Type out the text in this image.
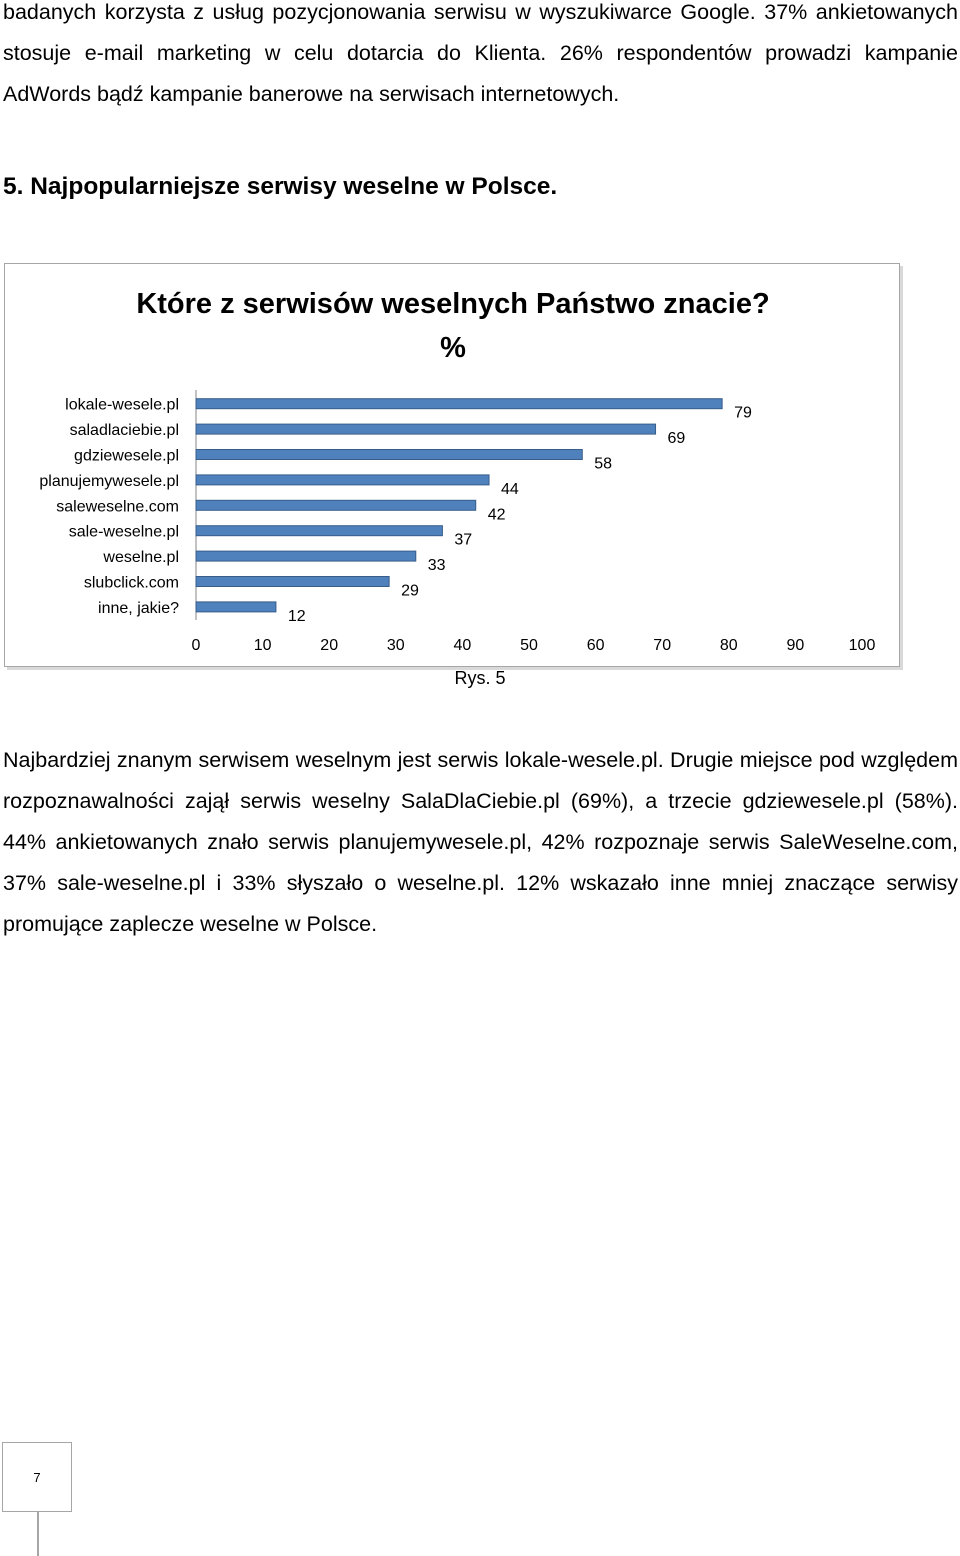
badanych korzysta z usług pozycjonowania serwisu w wyszukiwarce Google. 37% ankietowanych stosuje e-mail marketing w celu dotarcia do Klienta. 26% respondentów prowadzi kampanie AdWords bądź kampanie banerowe na serwisach internetowych.

5. Najpopularniejsze serwisy weselne w Polsce.
Które z serwisów weselnych Państwo znacie?
%
lokale-wesele.pl	79
saladlaciebie.pl	69
gdziewesele.pl	58
planujemywesele.pl	44
saleweselne.com	42
sale-weselne.pl	37
weselne.pl	33
slubclick.com	29
inne, jakie?	12
0	10	20	30	40	50	60	70	80	90	100
Rys. 5

Najbardziej znanym serwisem weselnym jest serwis lokale-wesele.pl. Drugie miejsce pod względem rozpoznawalności zajął serwis weselny SalaDlaCiebie.pl (69%), a trzecie gdziewesele.pl (58%). 44% ankietowanych znało serwis planujemywesele.pl, 42% rozpoznaje serwis SaleWeselne.com, 37% sale-weselne.pl i 33% słyszało o weselne.pl. 12% wskazało inne mniej znaczące serwisy promujące zaplecze weselne w Polsce.

7
